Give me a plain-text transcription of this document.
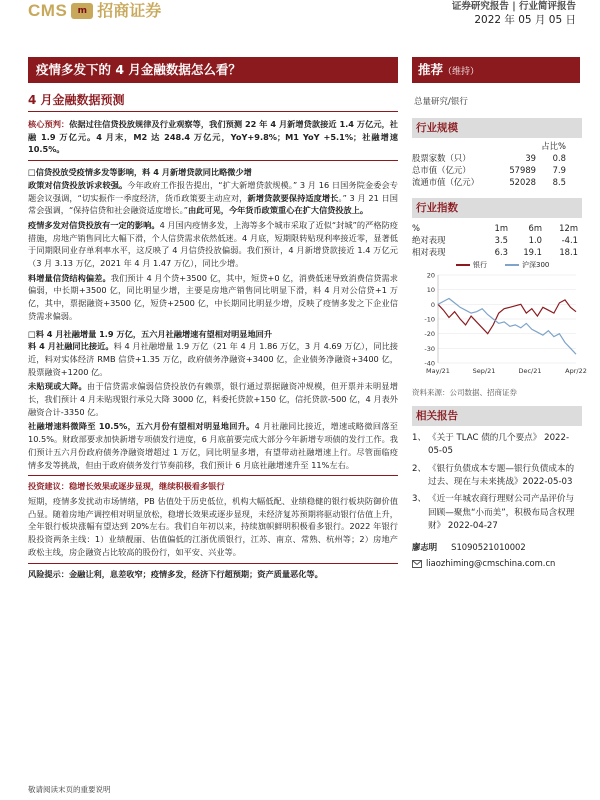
CMS	m 招商证券	证券研究报告 | 行业简评报告
2022 年 05 月 05 日
疫情多发下的 4 月金融数据怎么看？
4 月金融数据预测
推荐（维持）
总量研究/银行

核心预判：依据过往信贷投放规律及行业观察等，我们预测 22 年 4 月新增贷款接近 1.4 万亿元，社融 1.9 万亿元。4 月末，M2 达 248.4 万亿元，YoY+9.8%；M1 YoY +5.1%；社融增速 10.5%。

□信贷投放受疫情多发等影响，料 4 月新增贷款同比略微少增

政策对信贷投放诉求较强。今年政府工作报告提出，“扩大新增贷款规模。” 3 月 16 日国务院金委会专题会议强调，“切实振作一季度经济，货币政策要主动应对，新增贷款要保持适度增长。” 3 月 21 日国常会强调，“保持信贷和社会融资适度增长。”由此可见，今年货币政策重心在扩大信贷投放上。

疫情多发对信贷投放有一定的影响。4 月国内疫情多发，上海等多个城市采取了近似“封城”的严格防疫措施，房地产销售同比大幅下滑，个人信贷需求依然低迷。4 月底，短期限转贴现利率接近零，显著低于同期限同业存单利率水平，这反映了 4 月信贷投放偏弱。我们预计，4 月新增贷款接近 1.4 万亿元（3 月 3.13 万亿，2021 年 4 月 1.47 万亿），同比少增。

料增量信贷结构偏差。我们预计 4 月个贷+3500 亿，其中，短贷+0 亿，消费低迷导致消费信贷需求偏弱，中长期+3500 亿，同比明显少增，主要是房地产销售同比明显下滑，料 4 月对公信贷+1 万亿，其中，票据融资+3500 亿，短贷+2500 亿，中长期同比明显少增，反映了疫情多发之下企业信贷需求偏弱。

□料 4 月社融增量 1.9 万亿，五六月社融增速有望相对明显地回升

料 4 月社融同比接近。料 4 月社融增量 1.9 万亿（21 年 4 月 1.86 万亿，3 月 4.69 万亿），同比接近，料对实体经济 RMB 信贷+1.35 万亿，政府债务净融资+3400 亿，企业债务净融资+3400 亿，股票融资+1200 亿。

未贴现或大降。由于信贷需求偏弱信贷投放仍有赖票，银行通过票据融资冲规模，但开票并未明显增长，我们预计 4 月未贴现银行承兑大降 3000 亿，料委托贷款+150 亿，信托贷款-500 亿，4 月表外融资合计-3350 亿。

社融增速料微降至 10.5%，五六月份有望相对明显地回升。4 月社融同比接近，增速或略微回落至 10.5%。财政部要求加快新增专项债发行进度，6 月底前要完成大部分今年新增专项债的发行工作。我们预计五六月份政府债务净融资增超过 1 万亿，同比明显多增，有望带动社融增速上行。尽管面临疫情多发等挑战，但由于政府债务发行节奏前移，我们预计 6 月底社融增速升至 11%左右。

投资建议：稳增长效果或逐步显现，继续积极看多银行

短期，疫情多发扰动市场情绪，PB 估值处于历史低位，机构大幅低配、业绩稳健的银行板块防御价值凸显。随着房地产调控相对明显放松，稳增长效果或逐步显现，未经济复苏预期将驱动银行估值上升，全年银行板块涨幅有望达到 20%左右。我们自年初以来，持续旗帜鲜明积极看多银行。2022 年银行股投资两条主线：1）业绩靓丽、估值偏低的江浙优质银行，江苏、南京、常熟、杭州等；2）房地产政松主线，房企融资占比较高的股份行，如平安、兴业等。

风险提示：金融让利，息差收窄；疫情多发，经济下行超预期；资产质量恶化等。

行业规模
占比%
股票家数（只）	39	0.8
总市值（亿元）	57989	7.9
流通市值（亿元）	52028	8.5
行业指数
%	1m	6m	12m
绝对表现	3.5	1.0	-4.1
相对表现	6.3	19.1	18.1
银行	沪深300
20
10
0
-10
-20
-30
-40
May/21	Sep/21	Dec/21	Apr/22
资料来源：公司数据、招商证券
相关报告
1、 《关于 TLAC 债的几个要点》 2022-05-05
2、 《银行负债成本专题—银行负债成本的过去、现在与未来挑战》2022-05-03
3、 《近一年城农商行理财公司产品评价与回顾—聚焦“小而美”，积极布局含权理财》 2022-04-27
廖志明 S1090521010002
liaozhiming@cmschina.com.cn
敬请阅读末页的重要说明
